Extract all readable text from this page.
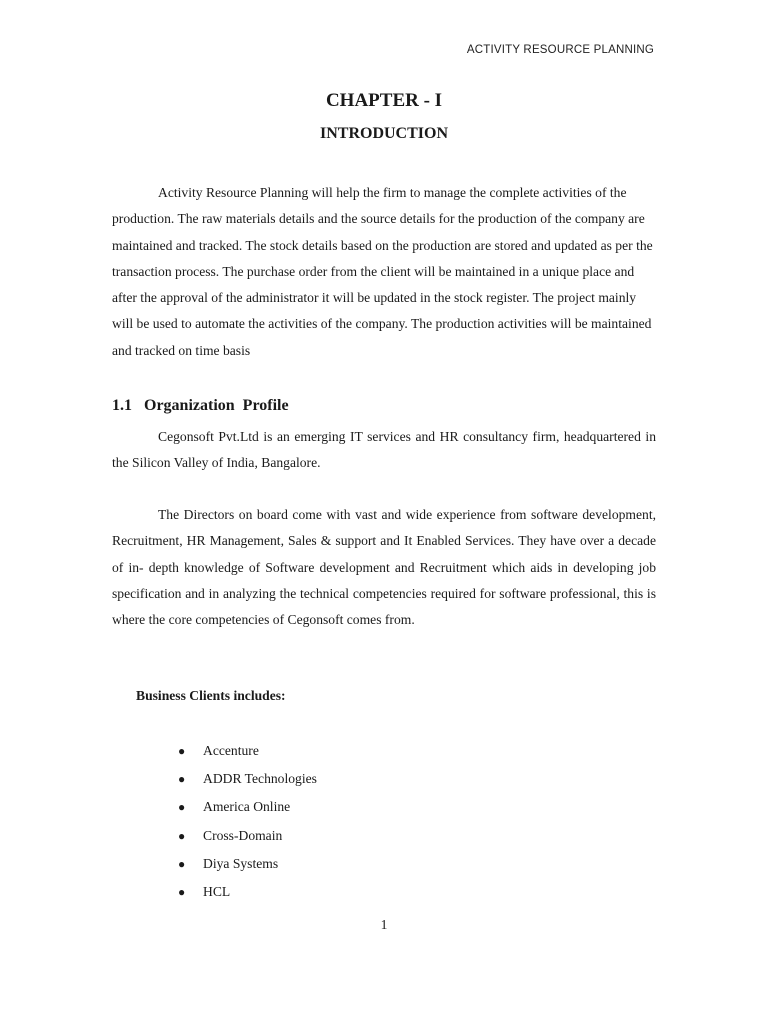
ACTIVITY RESOURCE PLANNING
CHAPTER - I
INTRODUCTION

Activity Resource Planning will help the firm to manage the complete activities of the production. The raw materials details and the source details for the production of the company are maintained and tracked. The stock details based on the production are stored and updated as per the transaction process. The purchase order from the client will be maintained in a unique place and after the approval of the administrator it will be updated in the stock register. The project mainly will be used to automate the activities of the company. The production activities will be maintained and tracked on time basis

1.1 Organization  Profile

Cegonsoft Pvt.Ltd is an emerging IT services and HR consultancy firm, headquartered in the Silicon Valley of India, Bangalore.

The Directors on board come with vast and wide experience from software development, Recruitment, HR Management, Sales & support and It Enabled Services. They have over a decade of in- depth knowledge of Software development and Recruitment which aids in developing job specification and in analyzing the technical competencies required for software professional, this is where the core competencies of Cegonsoft comes from.

Business Clients includes:
●	Accenture
●	ADDR Technologies
●	America Online
●	Cross-Domain
●	Diya Systems
●	HCL
1
